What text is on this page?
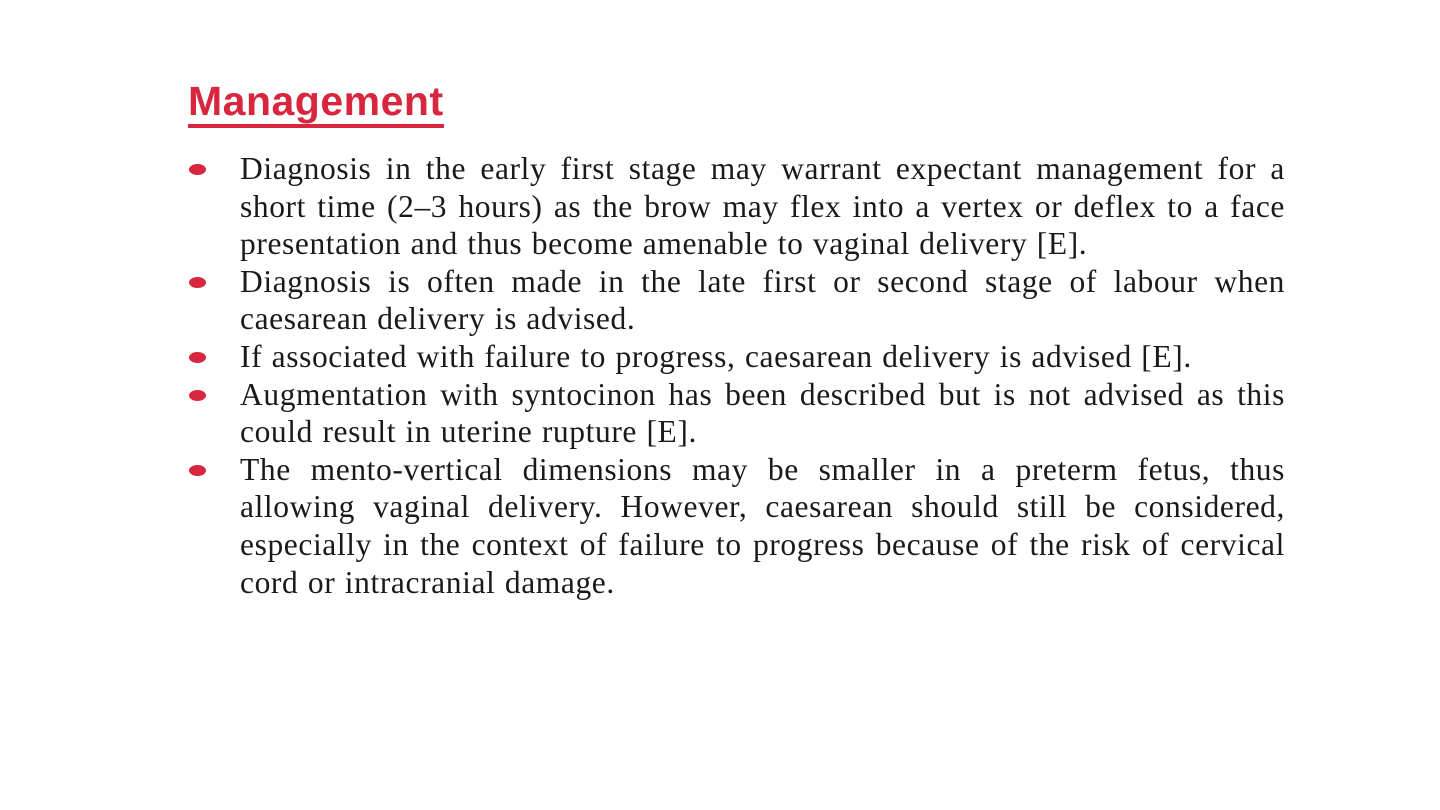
Management
Diagnosis in the early first stage may warrant expectant management for a short time (2–3 hours) as the brow may flex into a vertex or deflex to a face presentation and thus become amenable to vaginal delivery [E].
Diagnosis is often made in the late first or second stage of labour when caesarean delivery is advised.
If associated with failure to progress, caesarean delivery is advised [E].
Augmentation with syntocinon has been described but is not advised as this could result in uterine rupture [E].
The mento-vertical dimensions may be smaller in a preterm fetus, thus allowing vaginal delivery. However, caesarean should still be considered, especially in the context of failure to progress because of the risk of cervical cord or intracranial damage.
